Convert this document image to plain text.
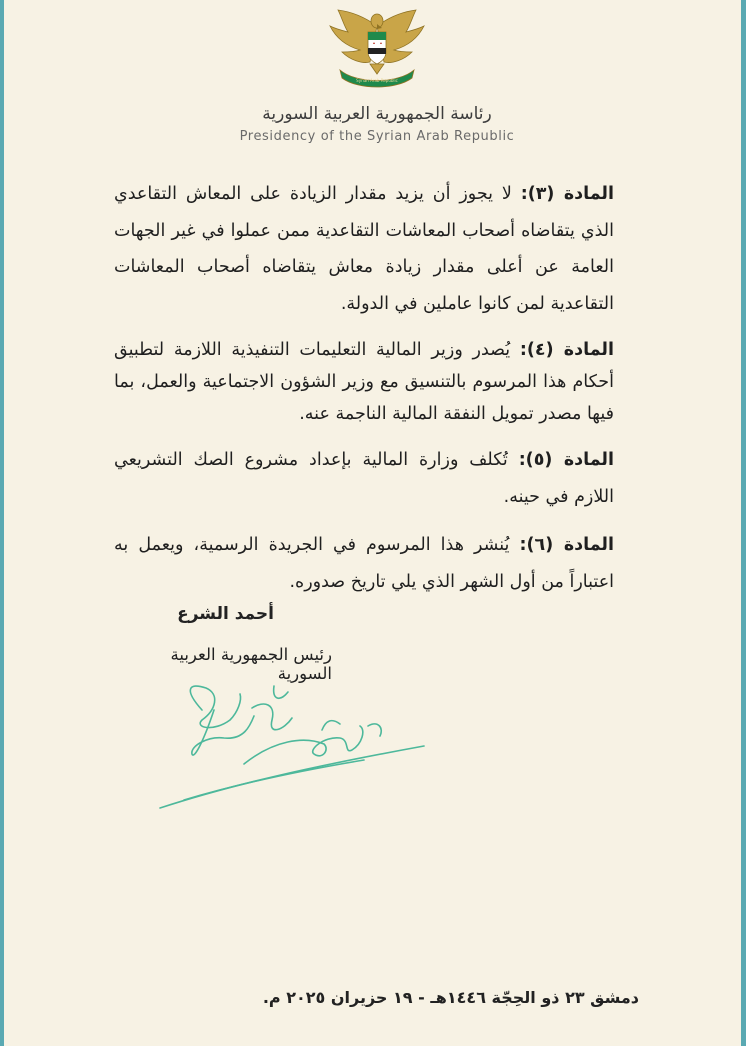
Syrian Arab Republic
رئاسة الجمهورية العربية السورية
Presidency of the Syrian Arab Republic

المادة (٣): لا يجوز أن يزيد مقدار الزيادة على المعاش التقاعدي الذي يتقاضاه أصحاب المعاشات التقاعدية ممن عملوا في غير الجهات العامة عن أعلى مقدار زيادة معاش يتقاضاه أصحاب المعاشات التقاعدية لمن كانوا عاملين في الدولة.

المادة (٤): يُصدر وزير المالية التعليمات التنفيذية اللازمة لتطبيق أحكام هذا المرسوم بالتنسيق مع وزير الشؤون الاجتماعية والعمل، بما فيها مصدر تمويل النفقة المالية الناجمة عنه.

المادة (٥): تُكلف وزارة المالية بإعداد مشروع الصك التشريعي اللازم في حينه.

المادة (٦): يُنشر هذا المرسوم في الجريدة الرسمية، ويعمل به اعتباراً من أول الشهر الذي يلي تاريخ صدوره.

أحمد الشرع
رئيس الجمهورية العربية السورية
دمشق ٢٣ ذو الحِجّة ١٤٤٦هـ - ١٩ حزيران ٢٠٢٥ م.
